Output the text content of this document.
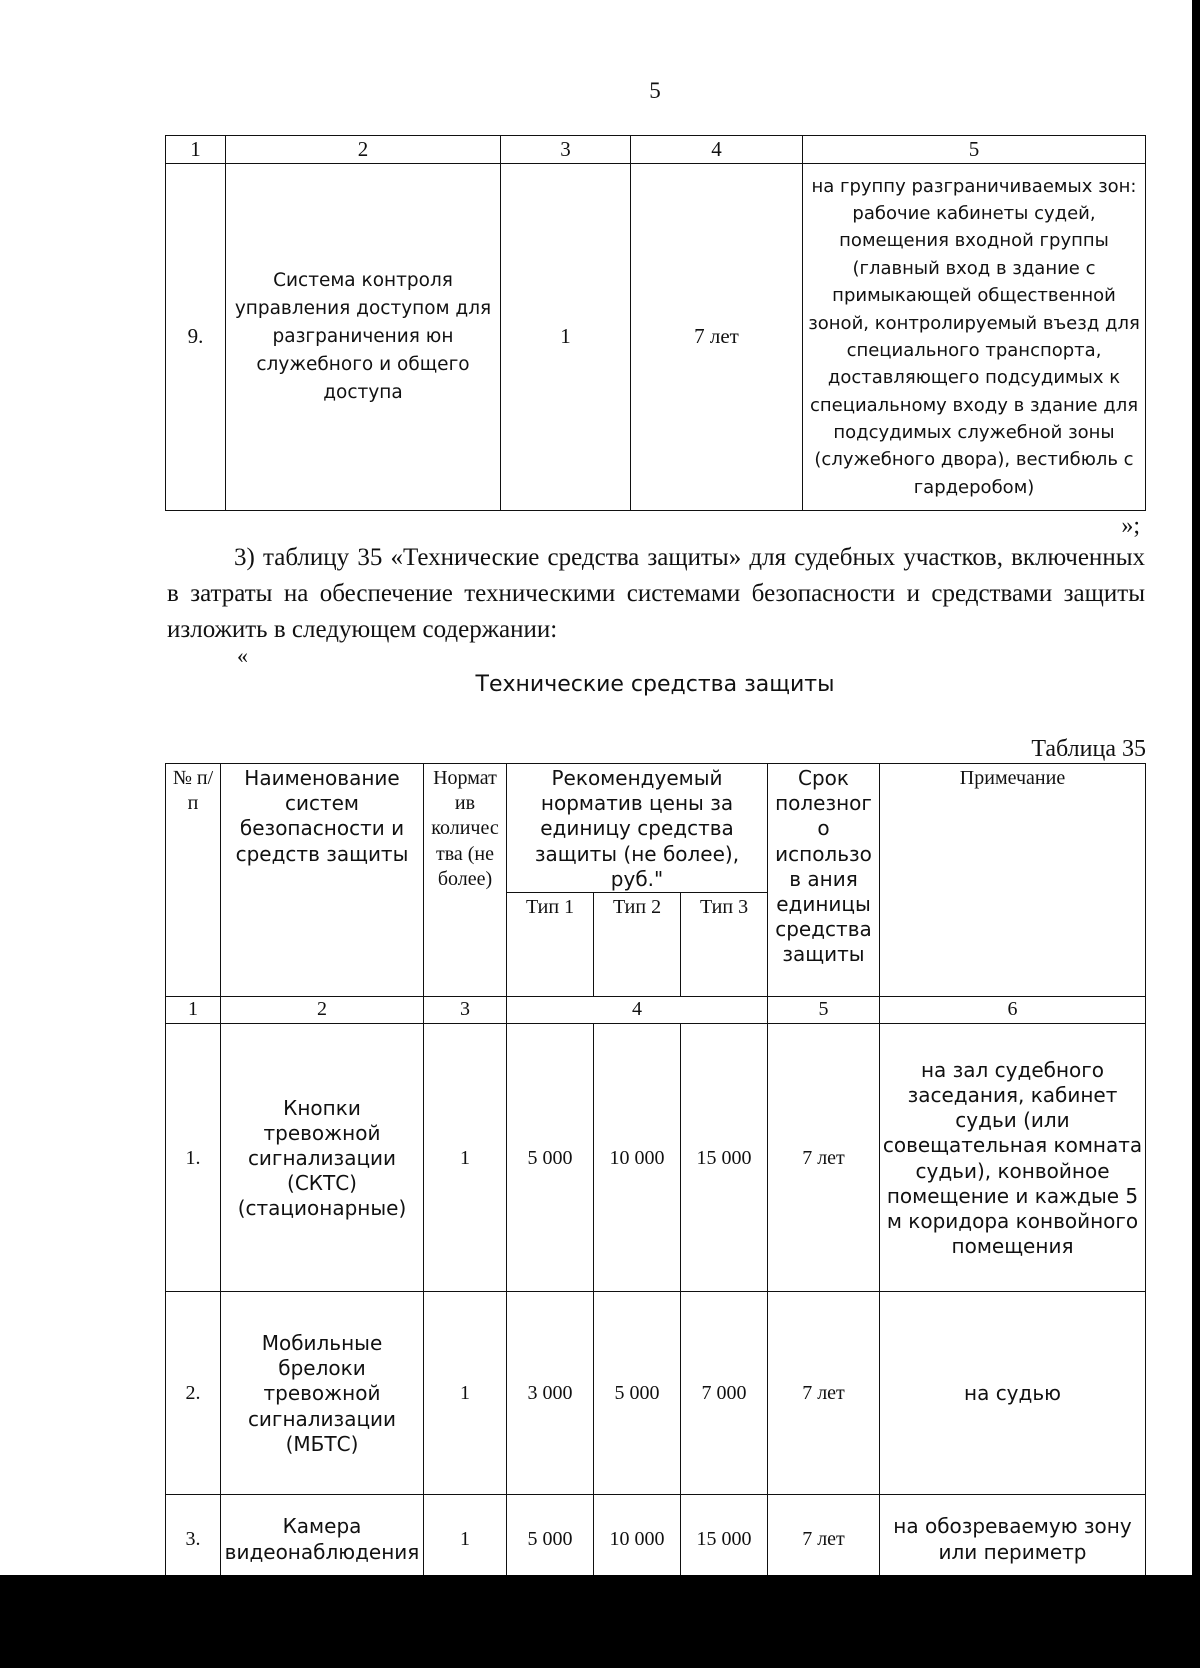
5
1	2	3	4	5
9.	Система контроля управления доступом для разграничения юн служебного и общего доступа	1	7 лет	на группу разграничиваемых зон: рабочие кабинеты судей, помещения входной группы (главный вход в здание с примыкающей общественной зоной, контролируемый въезд для специального транспорта, доставляющего подсудимых к специальному входу в здание для подсудимых служебной зоны (служебного двора), вестибюль с гардеробом)
»;
3) таблицу 35 «Технические средства защиты» для судебных участков, включенных в затраты на обеспечение техническими системами безопасности и средствами защиты изложить в следующем содержании:
«
Технические средства защиты
Таблица 35
№ п/п	Наименование систем безопасности и средств защиты	Нормат ив количес тва (не более)	Рекомендуемый норматив цены за единицу средства защиты (не более), руб."			Срок полезного использов ания единицы средства защиты	Примечание
			Тип 1	Тип 2	Тип 3		
1	2	3	4			5	6
1.	Кнопки тревожной сигнализации (СКТС) (стационарные)	1	5 000	10 000	15 000	7 лет	на зал судебного заседания, кабинет судьи (или совещательная комната судьи), конвойное помещение и каждые 5 м коридора конвойного помещения
2.	Мобильные брелоки тревожной сигнализации (МБТС)	1	3 000	5 000	7 000	7 лет	на судью
3.	Камера видеонаблюдения	1	5 000	10 000	15 000	7 лет	на обозреваемую зону или периметр
